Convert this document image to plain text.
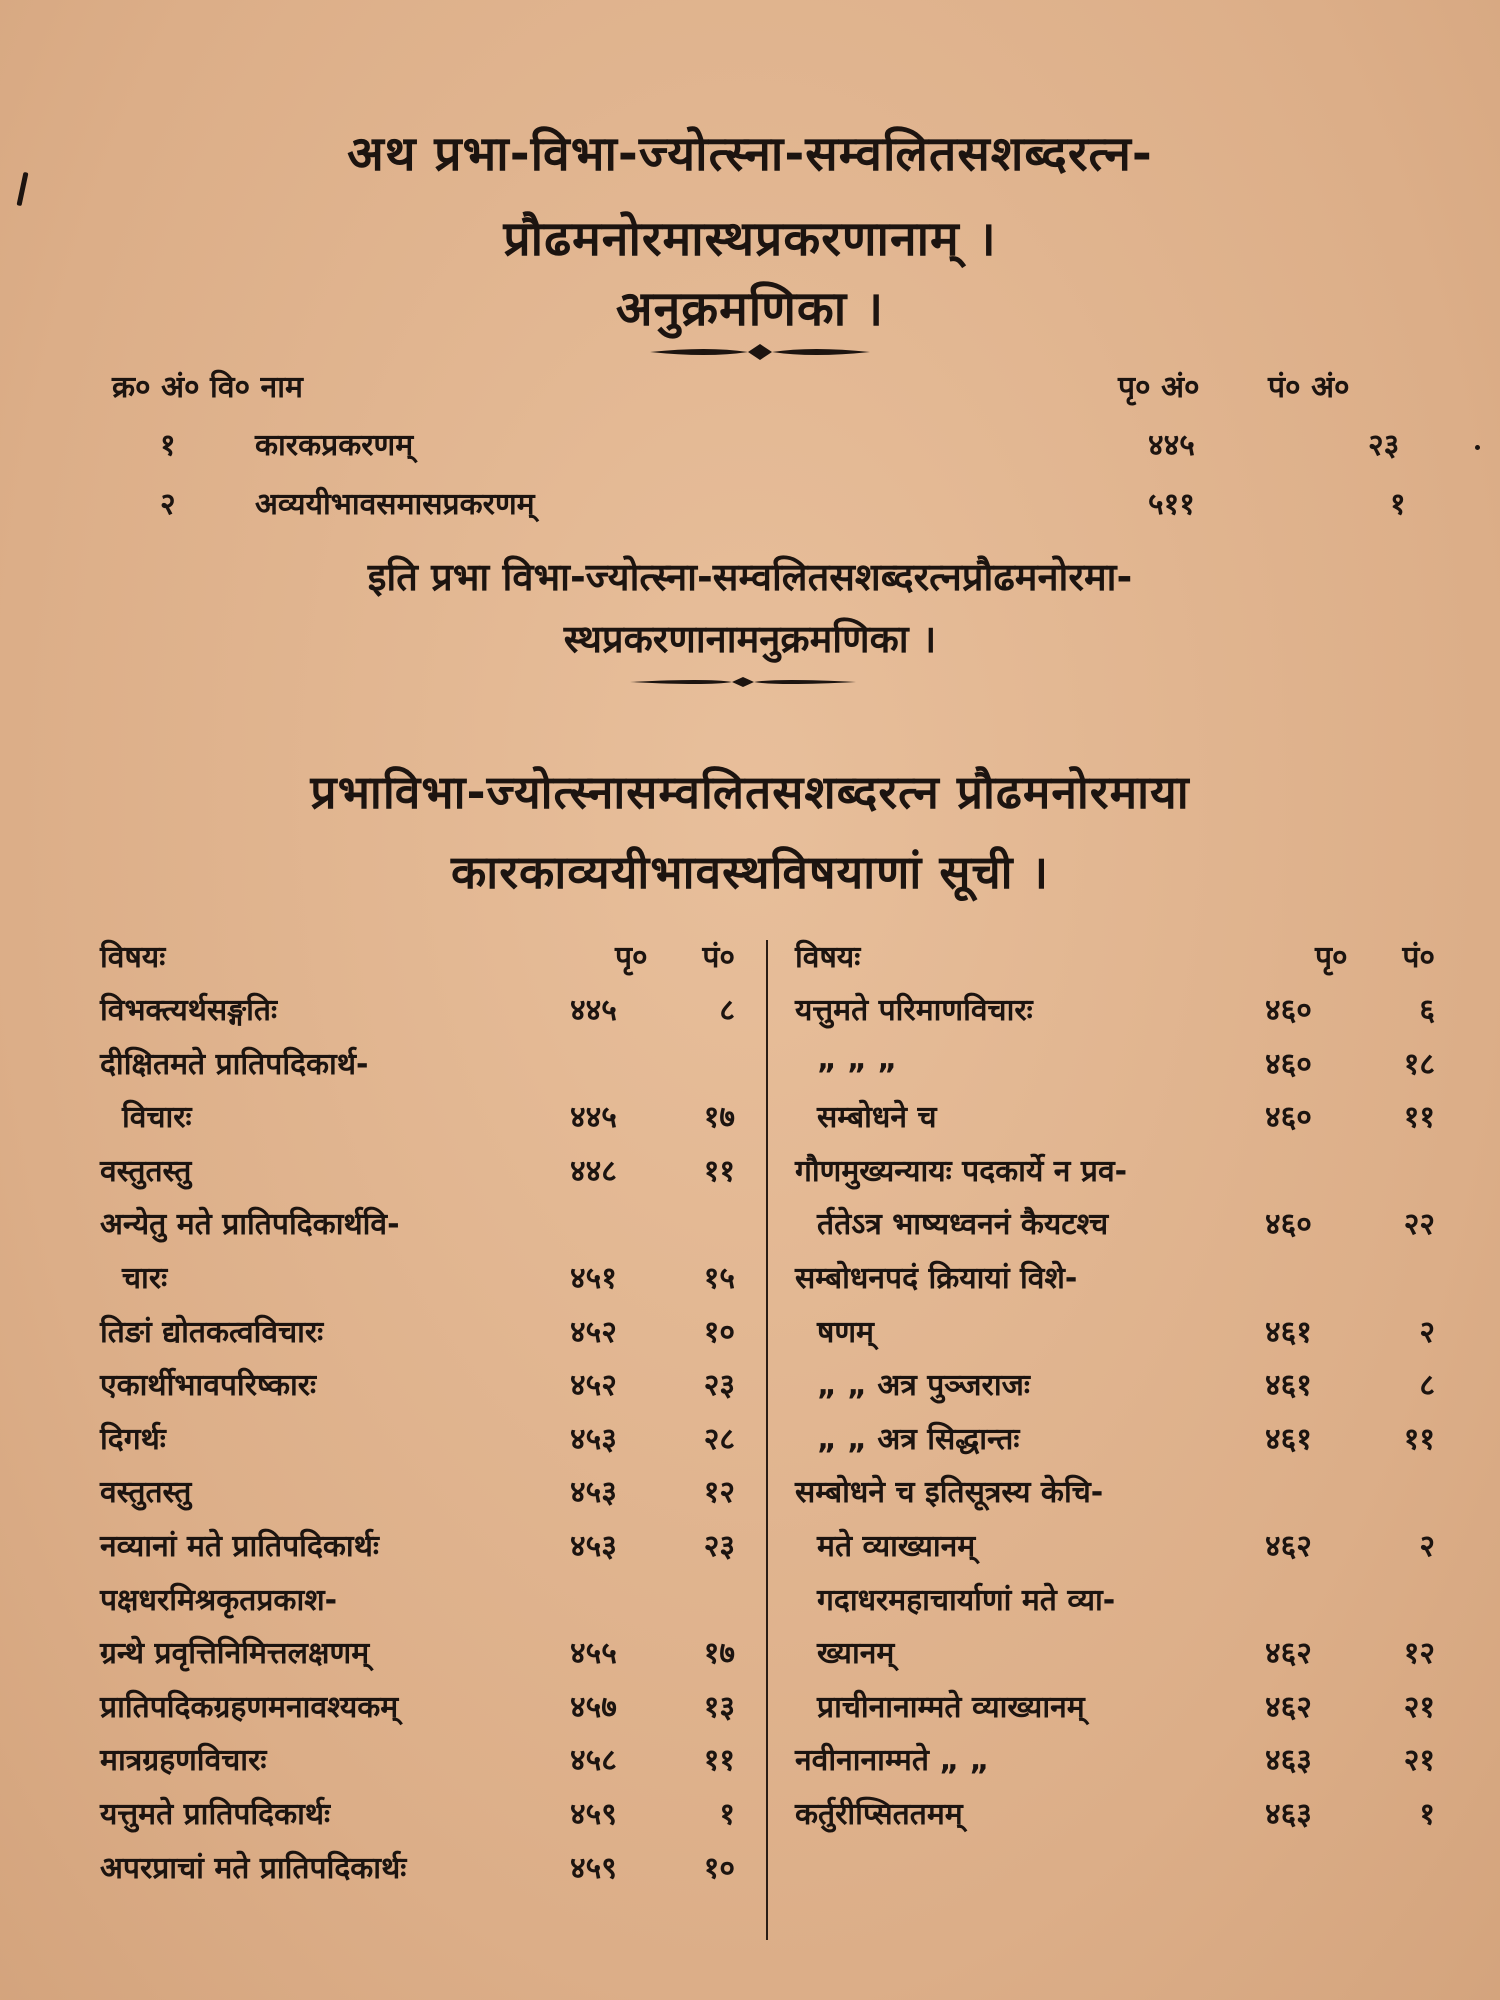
अथ प्रभा-विभा-ज्योत्स्ना-सम्वलितसशब्दरत्न-
प्रौढमनोरमास्थप्रकरणानाम् ।
अनुक्रमणिका ।
क्र० अं० वि० नाम	पृ० अं० पं० अं०
१	कारकप्रकरणम्	४४५	२३
२	अव्ययीभावसमासप्रकरणम्	५११	१
इति प्रभा विभा-ज्योत्स्ना-सम्वलितसशब्दरत्नप्रौढमनोरमा-
स्थप्रकरणानामनुक्रमणिका ।
प्रभाविभा-ज्योत्स्नासम्वलितसशब्दरत्न प्रौढमनोरमाया
कारकाव्ययीभावस्थविषयाणां सूची ।
विषयः	पृ०	पं० विषयः	पृ०	पं०
विभक्त्यर्थसङ्गतिः	४४५	८
दीक्षितमते प्रातिपदिकार्थ-
विचारः	४४५	१७
वस्तुतस्तु	४४८	११
अन्येतु मते प्रातिपदिकार्थवि-
चारः	४५१	१५
तिङां द्योतकत्वविचारः	४५२	१०
एकार्थीभावपरिष्कारः	४५२	२३
दिगर्थः	४५३	२८
वस्तुतस्तु	४५३	१२
नव्यानां मते प्रातिपदिकार्थः	४५३	२३
पक्षधरमिश्रकृतप्रकाश-
ग्रन्थे प्रवृत्तिनिमित्तलक्षणम्	४५५	१७
प्रातिपदिकग्रहणमनावश्यकम्	४५७	१३
मात्रग्रहणविचारः	४५८	११
यत्तुमते प्रातिपदिकार्थः	४५९	१
अपरप्राचां मते प्रातिपदिकार्थः	४५९	१०
यत्तुमते परिमाणविचारः	४६०	६
„ „ „	४६०	१८
सम्बोधने च	४६०	११
गौणमुख्यन्यायः पदकार्ये न प्रव-
र्ततेऽत्र भाष्यध्वननं कैयटश्च	४६०	२२
सम्बोधनपदं क्रियायां विशे-
षणम्	४६१	२
„ „ अत्र पुञ्जराजः	४६१	८
„ „ अत्र सिद्धान्तः	४६१	११
सम्बोधने च इतिसूत्रस्य केचि-
मते व्याख्यानम्	४६२	२
गदाधरमहाचार्याणां मते व्या-
ख्यानम्	४६२	१२
प्राचीनानाम्मते व्याख्यानम्	४६२	२१
नवीनानाम्मते „ „	४६३	२१
कर्तुरीप्सिततमम्	४६३	१
